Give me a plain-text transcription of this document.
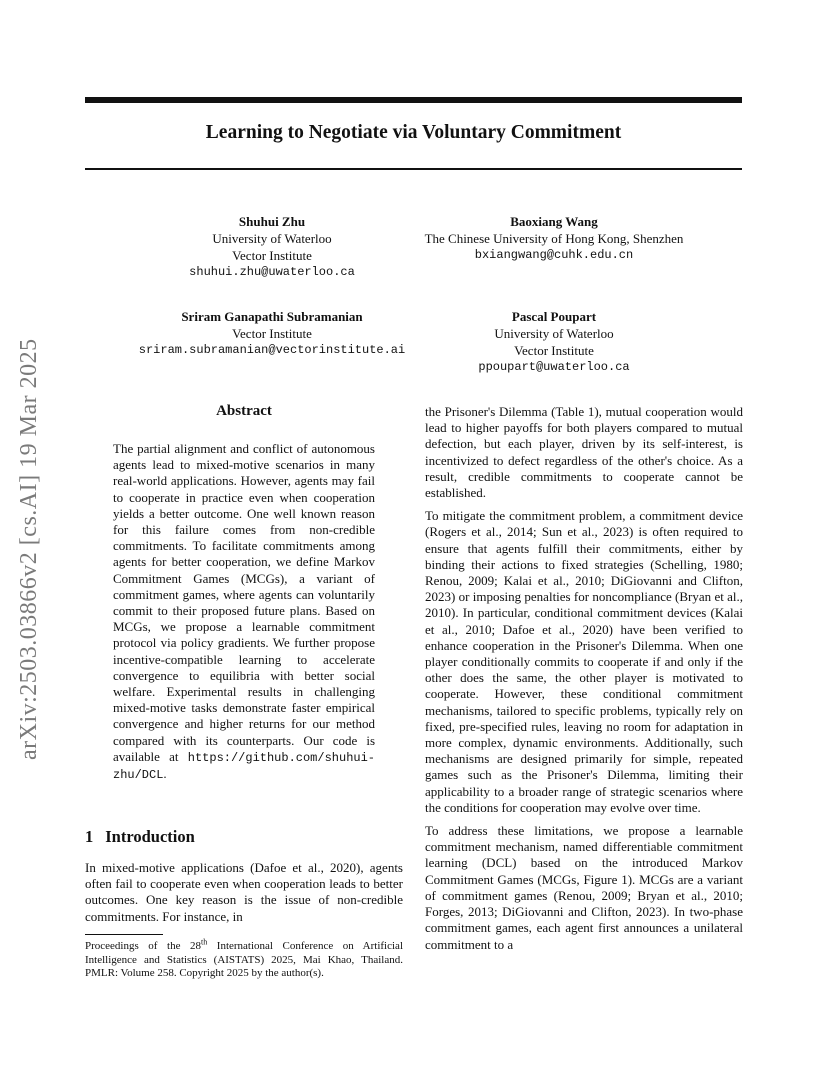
arXiv:2503.03866v2 [cs.AI] 19 Mar 2025
Learning to Negotiate via Voluntary Commitment
Shuhui Zhu
University of Waterloo
Vector Institute
shuhui.zhu@uwaterloo.ca
Baoxiang Wang
The Chinese University of Hong Kong, Shenzhen
bxiangwang@cuhk.edu.cn
Sriram Ganapathi Subramanian
Vector Institute
sriram.subramanian@vectorinstitute.ai
Pascal Poupart
University of Waterloo
Vector Institute
ppoupart@uwaterloo.ca
Abstract

The partial alignment and conflict of autonomous agents lead to mixed-motive scenarios in many real-world applications. However, agents may fail to cooperate in practice even when cooperation yields a better outcome. One well known reason for this failure comes from non-credible commitments. To facilitate commitments among agents for better cooperation, we define Markov Commitment Games (MCGs), a variant of commitment games, where agents can voluntarily commit to their proposed future plans. Based on MCGs, we propose a learnable commitment protocol via policy gradients. We further propose incentive-compatible learning to accelerate convergence to equilibria with better social welfare. Experimental results in challenging mixed-motive tasks demonstrate faster empirical convergence and higher returns for our method compared with its counterparts. Our code is available at https://github.com/shuhui-zhu/DCL.

1 Introduction

In mixed-motive applications (Dafoe et al., 2020), agents often fail to cooperate even when cooperation leads to better outcomes. One key reason is the issue of non-credible commitments. For instance, in

Proceedings of the 28th International Conference on Artificial Intelligence and Statistics (AISTATS) 2025, Mai Khao, Thailand. PMLR: Volume 258. Copyright 2025 by the author(s).

the Prisoner's Dilemma (Table 1), mutual cooperation would lead to higher payoffs for both players compared to mutual defection, but each player, driven by its self-interest, is incentivized to defect regardless of the other's choice. As a result, credible commitments to cooperate cannot be established.

To mitigate the commitment problem, a commitment device (Rogers et al., 2014; Sun et al., 2023) is often required to ensure that agents fulfill their commitments, either by binding their actions to fixed strategies (Schelling, 1980; Renou, 2009; Kalai et al., 2010; DiGiovanni and Clifton, 2023) or imposing penalties for noncompliance (Bryan et al., 2010). In particular, conditional commitment devices (Kalai et al., 2010; Dafoe et al., 2020) have been verified to enhance cooperation in the Prisoner's Dilemma. When one player conditionally commits to cooperate if and only if the other does the same, the other player is motivated to cooperate. However, these conditional commitment mechanisms, tailored to specific problems, typically rely on fixed, pre-specified rules, leaving no room for adaptation in more complex, dynamic environments. Additionally, such mechanisms are designed primarily for simple, repeated games such as the Prisoner's Dilemma, limiting their applicability to a broader range of strategic scenarios where the conditions for cooperation may evolve over time.

To address these limitations, we propose a learnable commitment mechanism, named differentiable commitment learning (DCL) based on the introduced Markov Commitment Games (MCGs, Figure 1). MCGs are a variant of commitment games (Renou, 2009; Bryan et al., 2010; Forges, 2013; DiGiovanni and Clifton, 2023). In two-phase commitment games, each agent first announces a unilateral commitment to a
